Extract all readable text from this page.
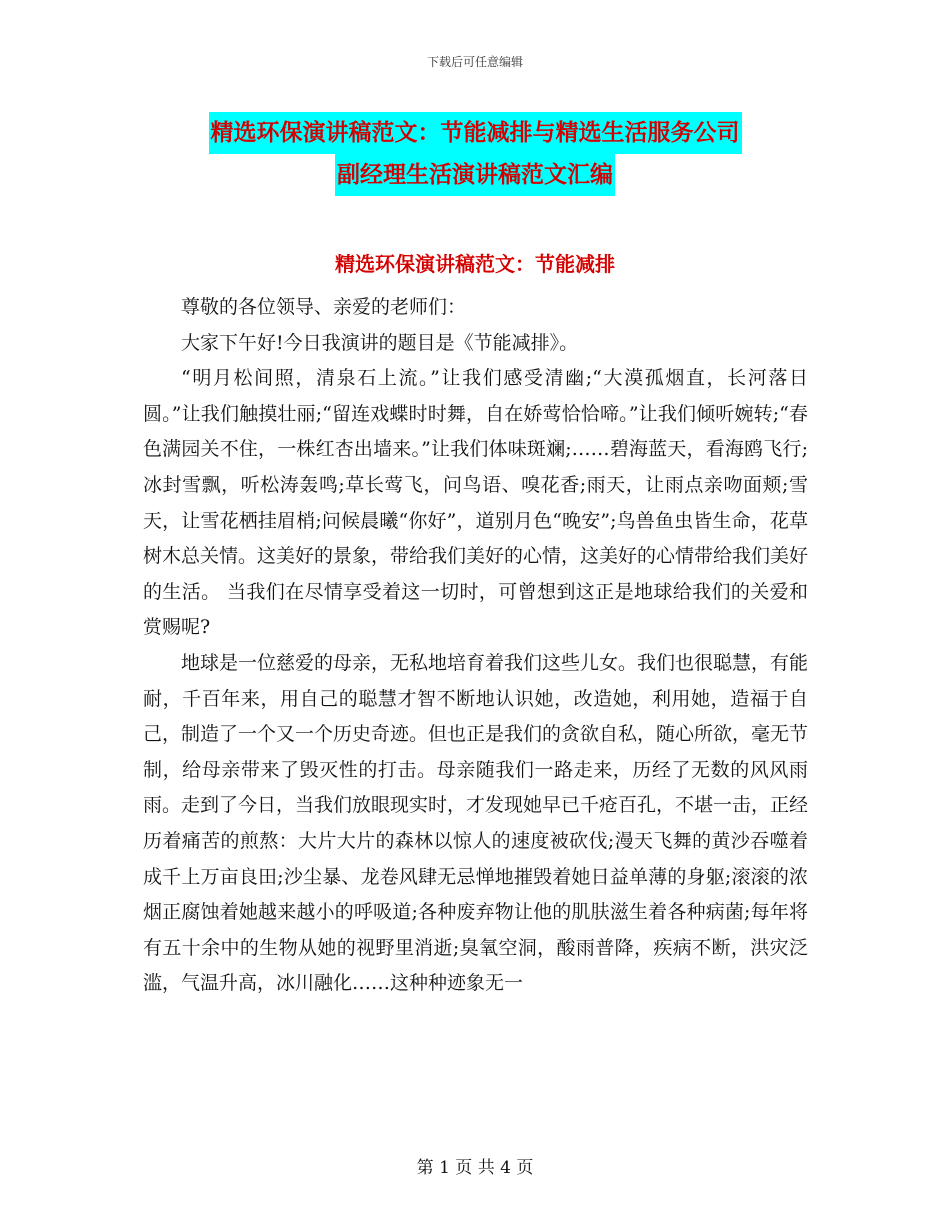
下载后可任意编辑
精选环保演讲稿范文：节能减排与精选生活服务公司
副经理生活演讲稿范文汇编
精选环保演讲稿范文：节能减排

尊敬的各位领导、亲爱的老师们：

大家下午好!今日我演讲的题目是《节能减排》。

“明月松间照，清泉石上流。”让我们感受清幽;“大漠孤烟直，长河落日圆。”让我们触摸壮丽;“留连戏蝶时时舞，自在娇莺恰恰啼。”让我们倾听婉转;“春色满园关不住，一株红杏出墙来。”让我们体味斑斓;……碧海蓝天，看海鸥飞行;冰封雪飘，听松涛轰鸣;草长莺飞，问鸟语、嗅花香;雨天，让雨点亲吻面颊;雪天，让雪花栖挂眉梢;问候晨曦“你好”，道别月色“晚安”;鸟兽鱼虫皆生命，花草树木总关情。这美好的景象，带给我们美好的心情，这美好的心情带给我们美好的生活。 当我们在尽情享受着这一切时，可曾想到这正是地球给我们的关爱和赏赐呢?

地球是一位慈爱的母亲，无私地培育着我们这些儿女。我们也很聪慧，有能耐，千百年来，用自己的聪慧才智不断地认识她，改造她，利用她，造福于自己，制造了一个又一个历史奇迹。但也正是我们的贪欲自私，随心所欲，毫无节制，给母亲带来了毁灭性的打击。母亲随我们一路走来，历经了无数的风风雨雨。走到了今日，当我们放眼现实时，才发现她早已千疮百孔，不堪一击，正经历着痛苦的煎熬：大片大片的森林以惊人的速度被砍伐;漫天飞舞的黄沙吞噬着成千上万亩良田;沙尘暴、龙卷风肆无忌惮地摧毁着她日益单薄的身躯;滚滚的浓烟正腐蚀着她越来越小的呼吸道;各种废弃物让他的肌肤滋生着各种病菌;每年将有五十余中的生物从她的视野里消逝;臭氧空洞，酸雨普降，疾病不断，洪灾泛滥，气温升高，冰川融化……这种种迹象无一

第 1 页 共 4 页
